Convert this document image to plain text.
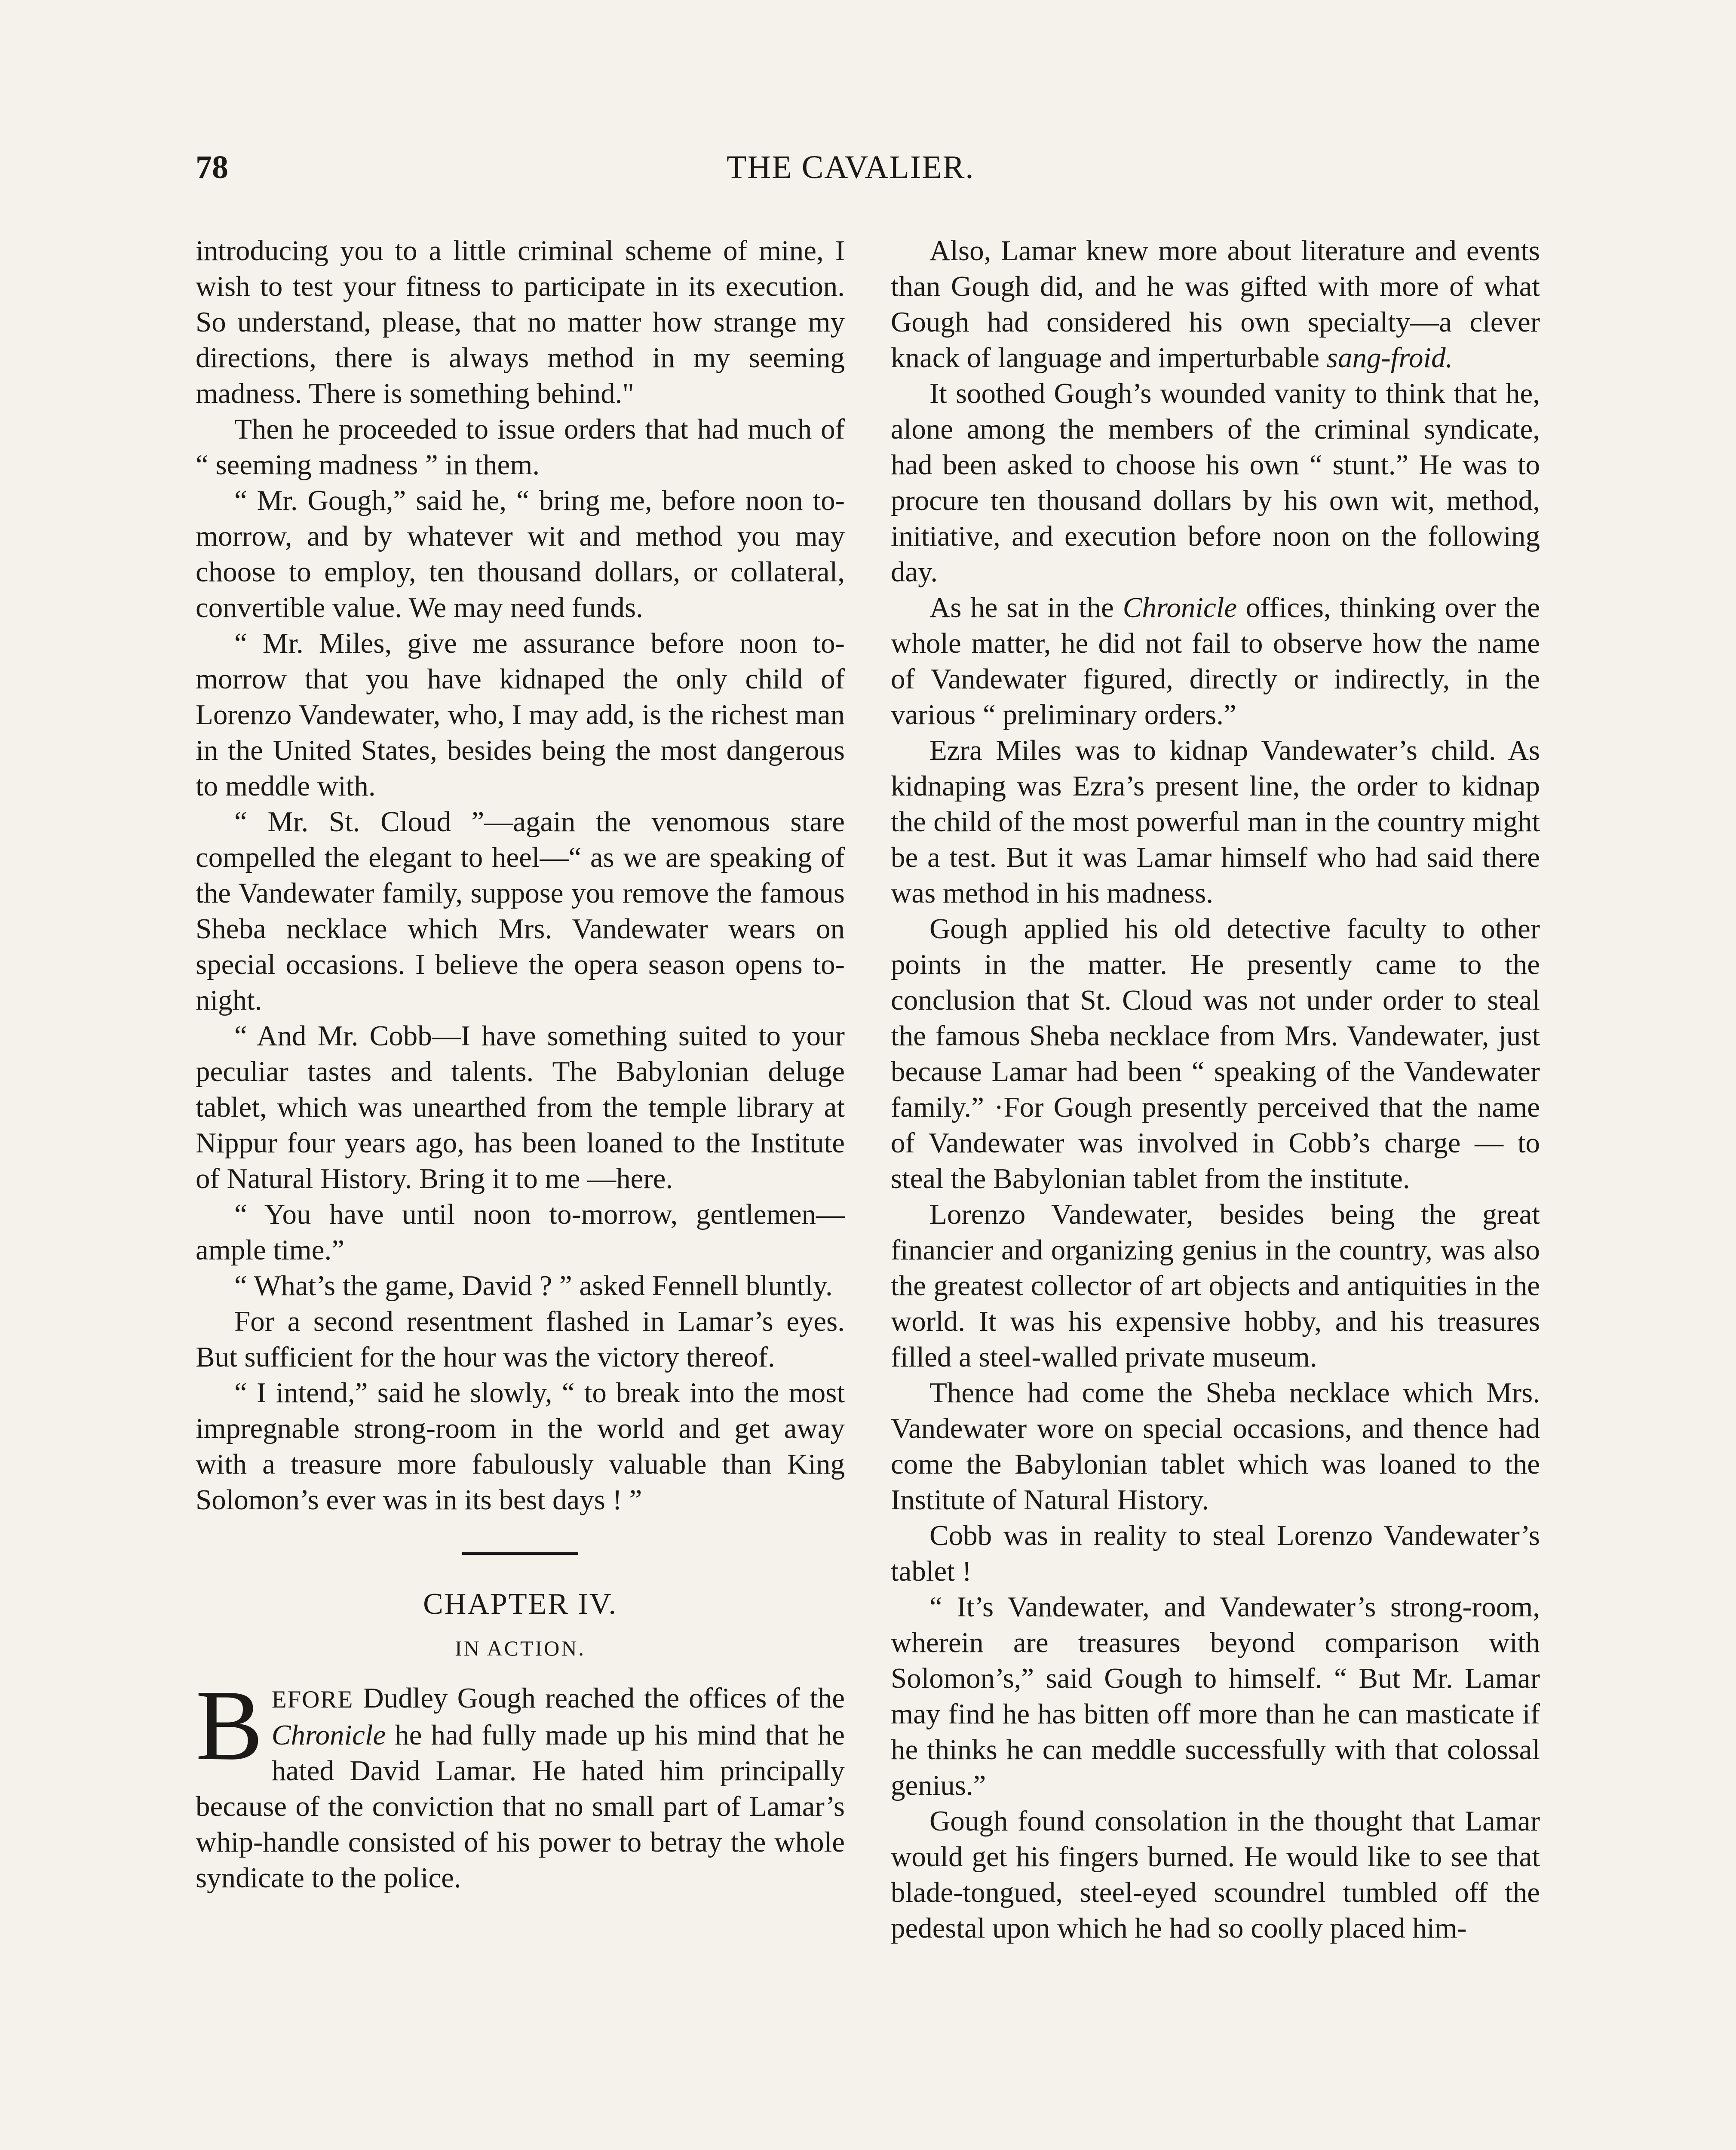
78	THE CAVALIER.

introducing you to a little criminal scheme of mine, I wish to test your fitness to participate in its execution. So understand, please, that no matter how strange my directions, there is always method in my seeming madness. There is something behind."

Then he proceeded to issue orders that had much of “ seeming madness ” in them.

“ Mr. Gough,” said he, “ bring me, before noon to-morrow, and by whatever wit and method you may choose to employ, ten thousand dollars, or collateral, convertible value. We may need funds.

“ Mr. Miles, give me assurance before noon to-morrow that you have kidnaped the only child of Lorenzo Vandewater, who, I may add, is the richest man in the United States, besides being the most dangerous to meddle with.

“ Mr. St. Cloud ”—again the venomous stare compelled the elegant to heel—“ as we are speaking of the Vandewater family, suppose you remove the famous Sheba necklace which Mrs. Vandewater wears on special occasions. I believe the opera season opens to-night.

“ And Mr. Cobb—I have something suited to your peculiar tastes and talents. The Babylonian deluge tablet, which was unearthed from the temple library at Nippur four years ago, has been loaned to the Institute of Natural History. Bring it to me —here.

“ You have until noon to-morrow, gentlemen—ample time.”

“ What’s the game, David ? ” asked Fennell bluntly.

For a second resentment flashed in Lamar’s eyes. But sufficient for the hour was the victory thereof.

“ I intend,” said he slowly, “ to break into the most impregnable strong-room in the world and get away with a treasure more fabulously valuable than King Solomon’s ever was in its best days ! ”

CHAPTER IV.
IN ACTION.

BEFORE Dudley Gough reached the offices of the Chronicle he had fully made up his mind that he hated David Lamar. He hated him principally because of the conviction that no small part of Lamar’s whip-handle consisted of his power to betray the whole syndicate to the police.

Also, Lamar knew more about literature and events than Gough did, and he was gifted with more of what Gough had considered his own specialty—a clever knack of language and imperturbable sang-froid.

It soothed Gough’s wounded vanity to think that he, alone among the members of the criminal syndicate, had been asked to choose his own “ stunt.” He was to procure ten thousand dollars by his own wit, method, initiative, and execution before noon on the following day.

As he sat in the Chronicle offices, thinking over the whole matter, he did not fail to observe how the name of Vandewater figured, directly or indirectly, in the various “ preliminary orders.”

Ezra Miles was to kidnap Vandewater’s child. As kidnaping was Ezra’s present line, the order to kidnap the child of the most powerful man in the country might be a test. But it was Lamar himself who had said there was method in his madness.

Gough applied his old detective faculty to other points in the matter. He presently came to the conclusion that St. Cloud was not under order to steal the famous Sheba necklace from Mrs. Vandewater, just because Lamar had been “ speaking of the Vandewater family.” ·For Gough presently perceived that the name of Vandewater was involved in Cobb’s charge — to steal the Babylonian tablet from the institute.

Lorenzo Vandewater, besides being the great financier and organizing genius in the country, was also the greatest collector of art objects and antiquities in the world. It was his expensive hobby, and his treasures filled a steel-walled private museum.

Thence had come the Sheba necklace which Mrs. Vandewater wore on special occasions, and thence had come the Babylonian tablet which was loaned to the Institute of Natural History.

Cobb was in reality to steal Lorenzo Vandewater’s tablet !

“ It’s Vandewater, and Vandewater’s strong-room, wherein are treasures beyond comparison with Solomon’s,” said Gough to himself. “ But Mr. Lamar may find he has bitten off more than he can masticate if he thinks he can meddle successfully with that colossal genius.”

Gough found consolation in the thought that Lamar would get his fingers burned. He would like to see that blade-tongued, steel-eyed scoundrel tumbled off the pedestal upon which he had so coolly placed him-
